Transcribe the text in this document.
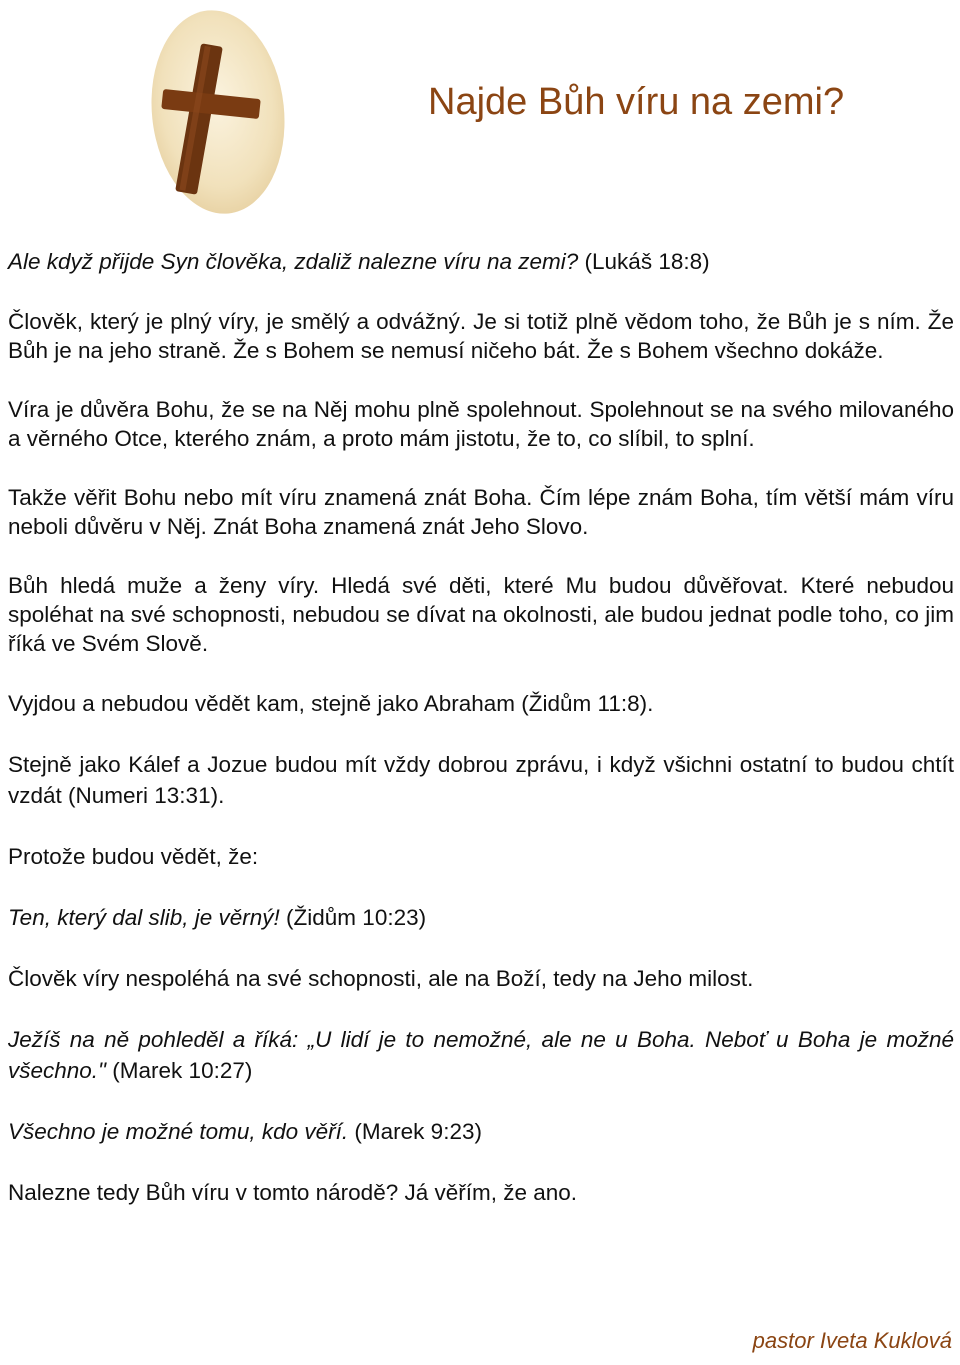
Najde Bůh víru na zemi?

Ale když přijde Syn člověka, zdaliž nalezne víru na zemi? (Lukáš 18:8)

Člověk, který je plný víry, je smělý a odvážný. Je si totiž plně vědom toho, že Bůh je s ním. Že Bůh je na jeho straně. Že s Bohem se nemusí ničeho bát. Že s Bohem všechno dokáže.

Víra je důvěra Bohu, že se na Něj mohu plně spolehnout. Spolehnout se na svého milovaného a věrného Otce, kterého znám, a proto mám jistotu, že to, co slíbil, to splní.

Takže věřit Bohu nebo mít víru znamená znát Boha. Čím lépe znám Boha, tím větší mám víru neboli důvěru v Něj. Znát Boha znamená znát Jeho Slovo.

Bůh hledá muže a ženy víry. Hledá své děti, které Mu budou důvěřovat. Které nebudou spoléhat na své schopnosti, nebudou se dívat na okolnosti, ale budou jednat podle toho, co jim říká ve Svém Slově.

Vyjdou a nebudou vědět kam, stejně jako Abraham (Židům 11:8).

Stejně jako Kálef a Jozue budou mít vždy dobrou zprávu, i když všichni ostatní to budou chtít vzdát (Numeri 13:31).

Protože budou vědět, že:

Ten, který dal slib, je věrný! (Židům 10:23)

Člověk víry nespoléhá na své schopnosti, ale na Boží, tedy na Jeho milost.

Ježíš na ně pohleděl a říká: „U lidí je to nemožné, ale ne u Boha. Neboť u Boha je možné všechno." (Marek 10:27)

Všechno je možné tomu, kdo věří. (Marek 9:23)

Nalezne tedy Bůh víru v tomto národě? Já věřím, že ano.

pastor Iveta Kuklová
